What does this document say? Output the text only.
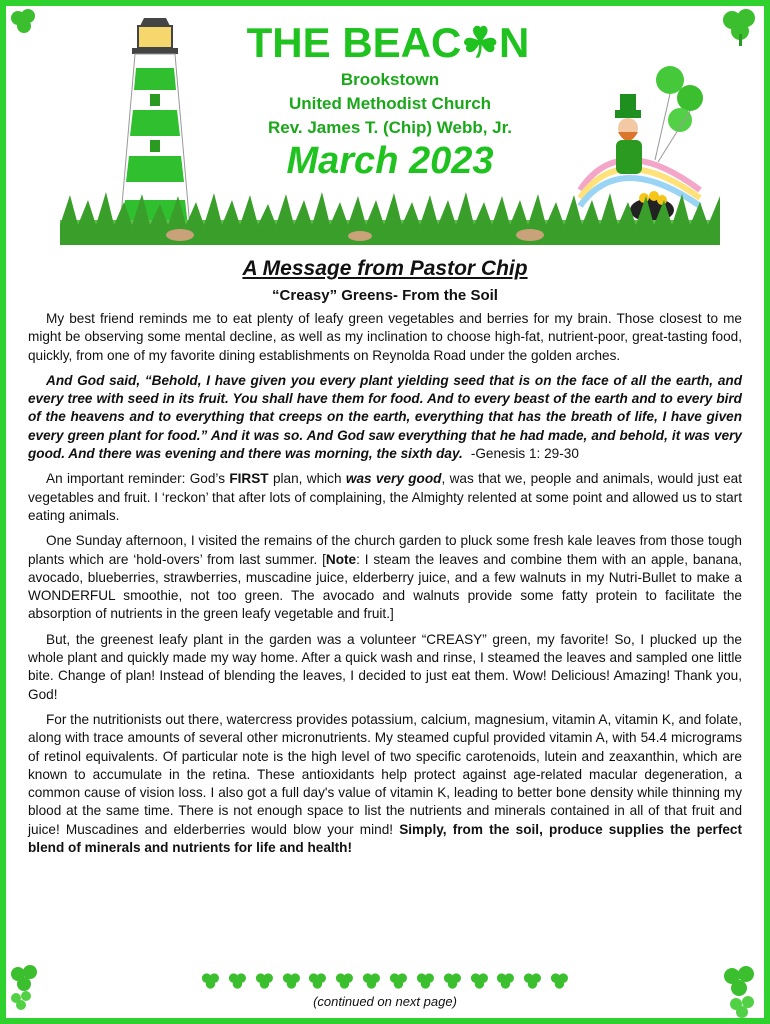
THE BEAC☘N
Brookstown
United Methodist Church
Rev. James T. (Chip) Webb, Jr.
March 2023
A Message from Pastor Chip
“Creasy” Greens- From the Soil

My best friend reminds me to eat plenty of leafy green vegetables and berries for my brain. Those closest to me might be observing some mental decline, as well as my inclination to choose high-fat, nutrient-poor, great-tasting food, quickly, from one of my favorite dining establishments on Reynolda Road under the golden arches.

And God said, “Behold, I have given you every plant yielding seed that is on the face of all the earth, and every tree with seed in its fruit. You shall have them for food. And to every beast of the earth and to every bird of the heavens and to everything that creeps on the earth, everything that has the breath of life, I have given every green plant for food.” And it was so. And God saw everything that he had made, and behold, it was very good. And there was evening and there was morning, the sixth day. -Genesis 1: 29-30

An important reminder: God’s FIRST plan, which was very good, was that we, people and animals, would just eat vegetables and fruit. I ‘reckon’ that after lots of complaining, the Almighty relented at some point and allowed us to start eating animals.

One Sunday afternoon, I visited the remains of the church garden to pluck some fresh kale leaves from those tough plants which are ‘hold-overs’ from last summer. [Note: I steam the leaves and combine them with an apple, banana, avocado, blueberries, strawberries, muscadine juice, elderberry juice, and a few walnuts in my Nutri-Bullet to make a WONDERFUL smoothie, not too green. The avocado and walnuts provide some fatty protein to facilitate the absorption of nutrients in the green leafy vegetable and fruit.]

But, the greenest leafy plant in the garden was a volunteer “CREASY” green, my favorite! So, I plucked up the whole plant and quickly made my way home. After a quick wash and rinse, I steamed the leaves and sampled one little bite. Change of plan! Instead of blending the leaves, I decided to just eat them. Wow! Delicious! Amazing! Thank you, God!

For the nutritionists out there, watercress provides potassium, calcium, magnesium, vitamin A, vitamin K, and folate, along with trace amounts of several other micronutrients. My steamed cupful provided vitamin A, with 54.4 micrograms of retinol equivalents. Of particular note is the high level of two specific carotenoids, lutein and zeaxanthin, which are known to accumulate in the retina. These antioxidants help protect against age-related macular degeneration, a common cause of vision loss. I also got a full day's value of vitamin K, leading to better bone density while thinning my blood at the same time. There is not enough space to list the nutrients and minerals contained in all of that fruit and juice! Muscadines and elderberries would blow your mind! Simply, from the soil, produce supplies the perfect blend of minerals and nutrients for life and health!

(continued on next page)
